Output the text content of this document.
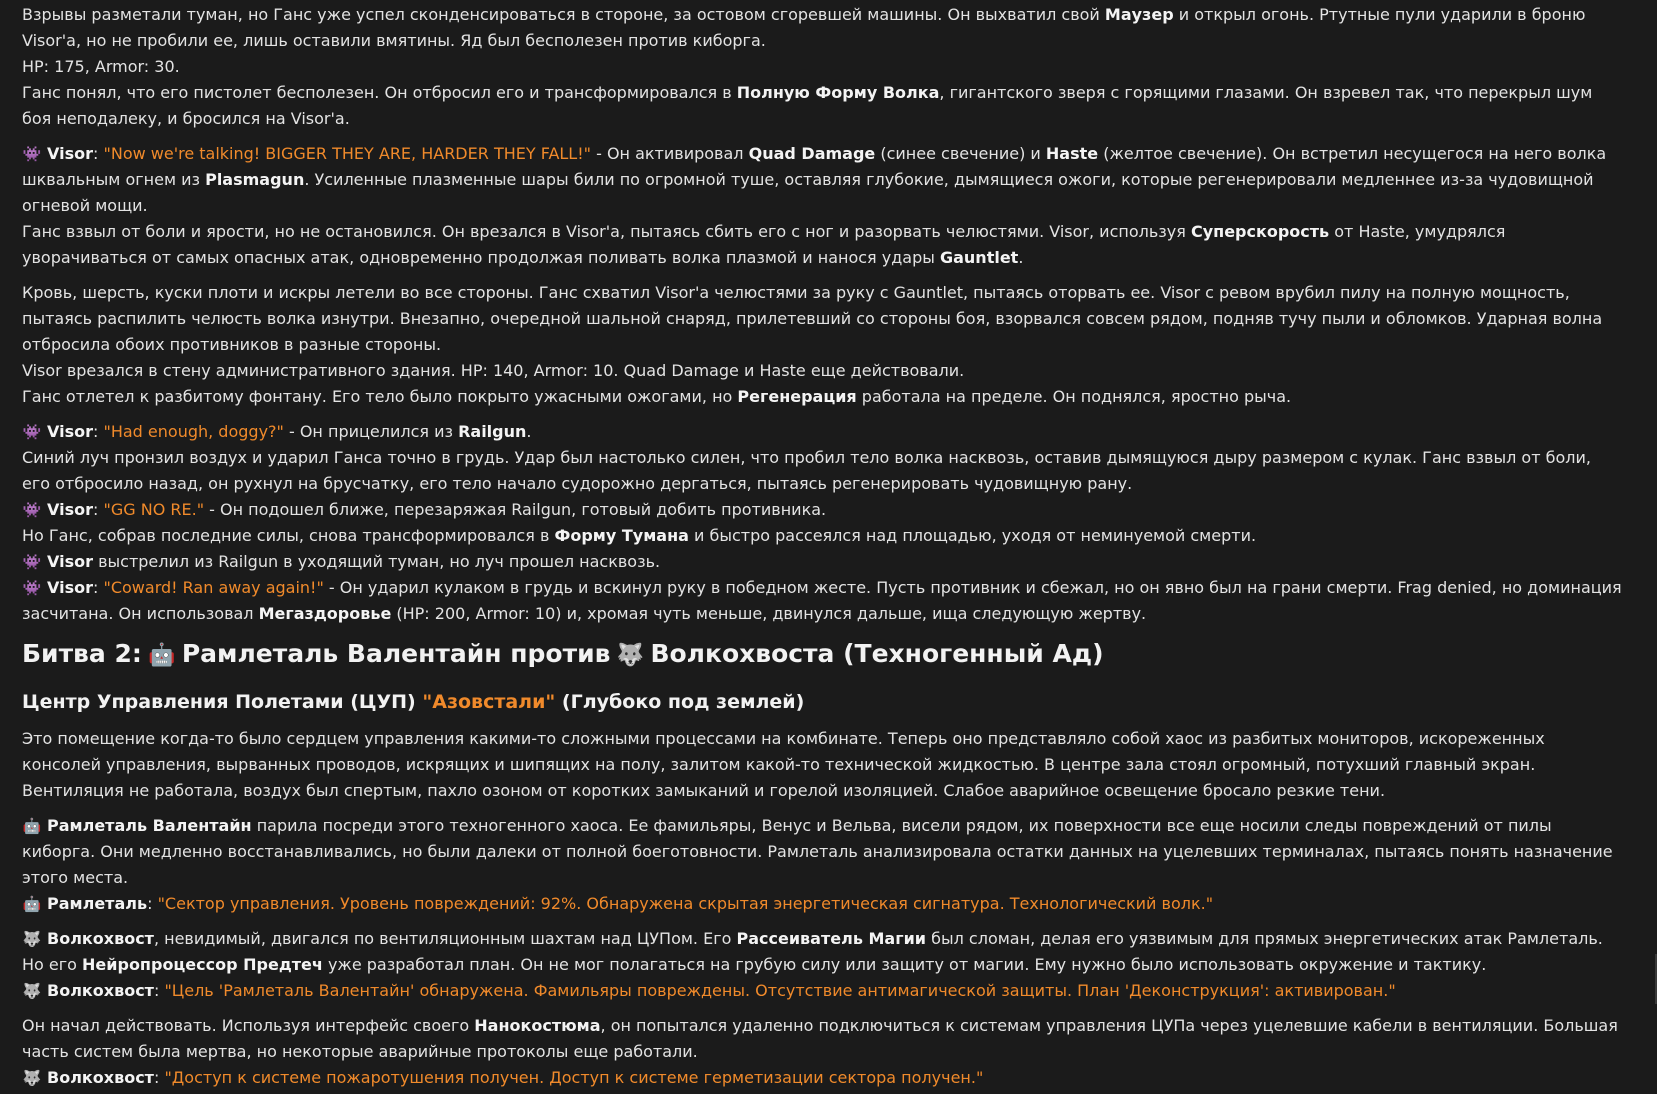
Взрывы разметали туман, но Ганс уже успел сконденсироваться в стороне, за остовом сгоревшей машины. Он выхватил свой Маузер и открыл огонь. Ртутные пули ударили в броню Visor'a, но не пробили ее, лишь оставили вмятины. Яд был бесполезен против киборга.

HP: 175, Armor: 30.

Ганс понял, что его пистолет бесполезен. Он отбросил его и трансформировался в Полную Форму Волка, гигантского зверя с горящими глазами. Он взревел так, что перекрыл шум боя неподалеку, и бросился на Visor'a.

👾 Visor: "Now we're talking! BIGGER THEY ARE, HARDER THEY FALL!" - Он активировал Quad Damage (синее свечение) и Haste (желтое свечение). Он встретил несущегося на него волка шквальным огнем из Plasmagun. Усиленные плазменные шары били по огромной туше, оставляя глубокие, дымящиеся ожоги, которые регенерировали медленнее из-за чудовищной огневой мощи.

Ганс взвыл от боли и ярости, но не остановился. Он врезался в Visor'a, пытаясь сбить его с ног и разорвать челюстями. Visor, используя Суперскорость от Haste, умудрялся уворачиваться от самых опасных атак, одновременно продолжая поливать волка плазмой и нанося удары Gauntlet.

Кровь, шерсть, куски плоти и искры летели во все стороны. Ганс схватил Visor'a челюстями за руку с Gauntlet, пытаясь оторвать ее. Visor с ревом врубил пилу на полную мощность, пытаясь распилить челюсть волка изнутри. Внезапно, очередной шальной снаряд, прилетевший со стороны боя, взорвался совсем рядом, подняв тучу пыли и обломков. Ударная волна отбросила обоих противников в разные стороны.

Visor врезался в стену административного здания. HP: 140, Armor: 10. Quad Damage и Haste еще действовали.

Ганс отлетел к разбитому фонтану. Его тело было покрыто ужасными ожогами, но Регенерация работала на пределе. Он поднялся, яростно рыча.

👾 Visor: "Had enough, doggy?" - Он прицелился из Railgun.

Синий луч пронзил воздух и ударил Ганса точно в грудь. Удар был настолько силен, что пробил тело волка насквозь, оставив дымящуюся дыру размером с кулак. Ганс взвыл от боли, его отбросило назад, он рухнул на брусчатку, его тело начало судорожно дергаться, пытаясь регенерировать чудовищную рану.

👾 Visor: "GG NO RE." - Он подошел ближе, перезаряжая Railgun, готовый добить противника.

Но Ганс, собрав последние силы, снова трансформировался в Форму Тумана и быстро рассеялся над площадью, уходя от неминуемой смерти.

👾 Visor выстрелил из Railgun в уходящий туман, но луч прошел насквозь.

👾 Visor: "Coward! Ran away again!" - Он ударил кулаком в грудь и вскинул руку в победном жесте. Пусть противник и сбежал, но он явно был на грани смерти. Frag denied, но доминация засчитана. Он использовал Мегаздоровье (HP: 200, Armor: 10) и, хромая чуть меньше, двинулся дальше, ища следующую жертву.

Битва 2: 🤖 Рамлеталь Валентайн против 🐺 Волкохвоста (Техногенный Ад)
Центр Управления Полетами (ЦУП) "Азовстали" (Глубоко под землей)

Это помещение когда-то было сердцем управления какими-то сложными процессами на комбинате. Теперь оно представляло собой хаос из разбитых мониторов, искореженных консолей управления, вырванных проводов, искрящих и шипящих на полу, залитом какой-то технической жидкостью. В центре зала стоял огромный, потухший главный экран. Вентиляция не работала, воздух был спертым, пахло озоном от коротких замыканий и горелой изоляцией. Слабое аварийное освещение бросало резкие тени.

🤖 Рамлеталь Валентайн парила посреди этого техногенного хаоса. Ее фамильяры, Венус и Вельва, висели рядом, их поверхности все еще носили следы повреждений от пилы киборга. Они медленно восстанавливались, но были далеки от полной боеготовности. Рамлеталь анализировала остатки данных на уцелевших терминалах, пытаясь понять назначение этого места.

🤖 Рамлеталь: "Сектор управления. Уровень повреждений: 92%. Обнаружена скрытая энергетическая сигнатура. Технологический волк."

🐺 Волкохвост, невидимый, двигался по вентиляционным шахтам над ЦУПом. Его Рассеиватель Магии был сломан, делая его уязвимым для прямых энергетических атак Рамлеталь. Но его Нейропроцессор Предтеч уже разработал план. Он не мог полагаться на грубую силу или защиту от магии. Ему нужно было использовать окружение и тактику.

🐺 Волкохвост: "Цель 'Рамлеталь Валентайн' обнаружена. Фамильяры повреждены. Отсутствие антимагической защиты. План 'Деконструкция': активирован."

Он начал действовать. Используя интерфейс своего Нанокостюма, он попытался удаленно подключиться к системам управления ЦУПа через уцелевшие кабели в вентиляции. Большая часть систем была мертва, но некоторые аварийные протоколы еще работали.

🐺 Волкохвост: "Доступ к системе пожаротушения получен. Доступ к системе герметизации сектора получен."
